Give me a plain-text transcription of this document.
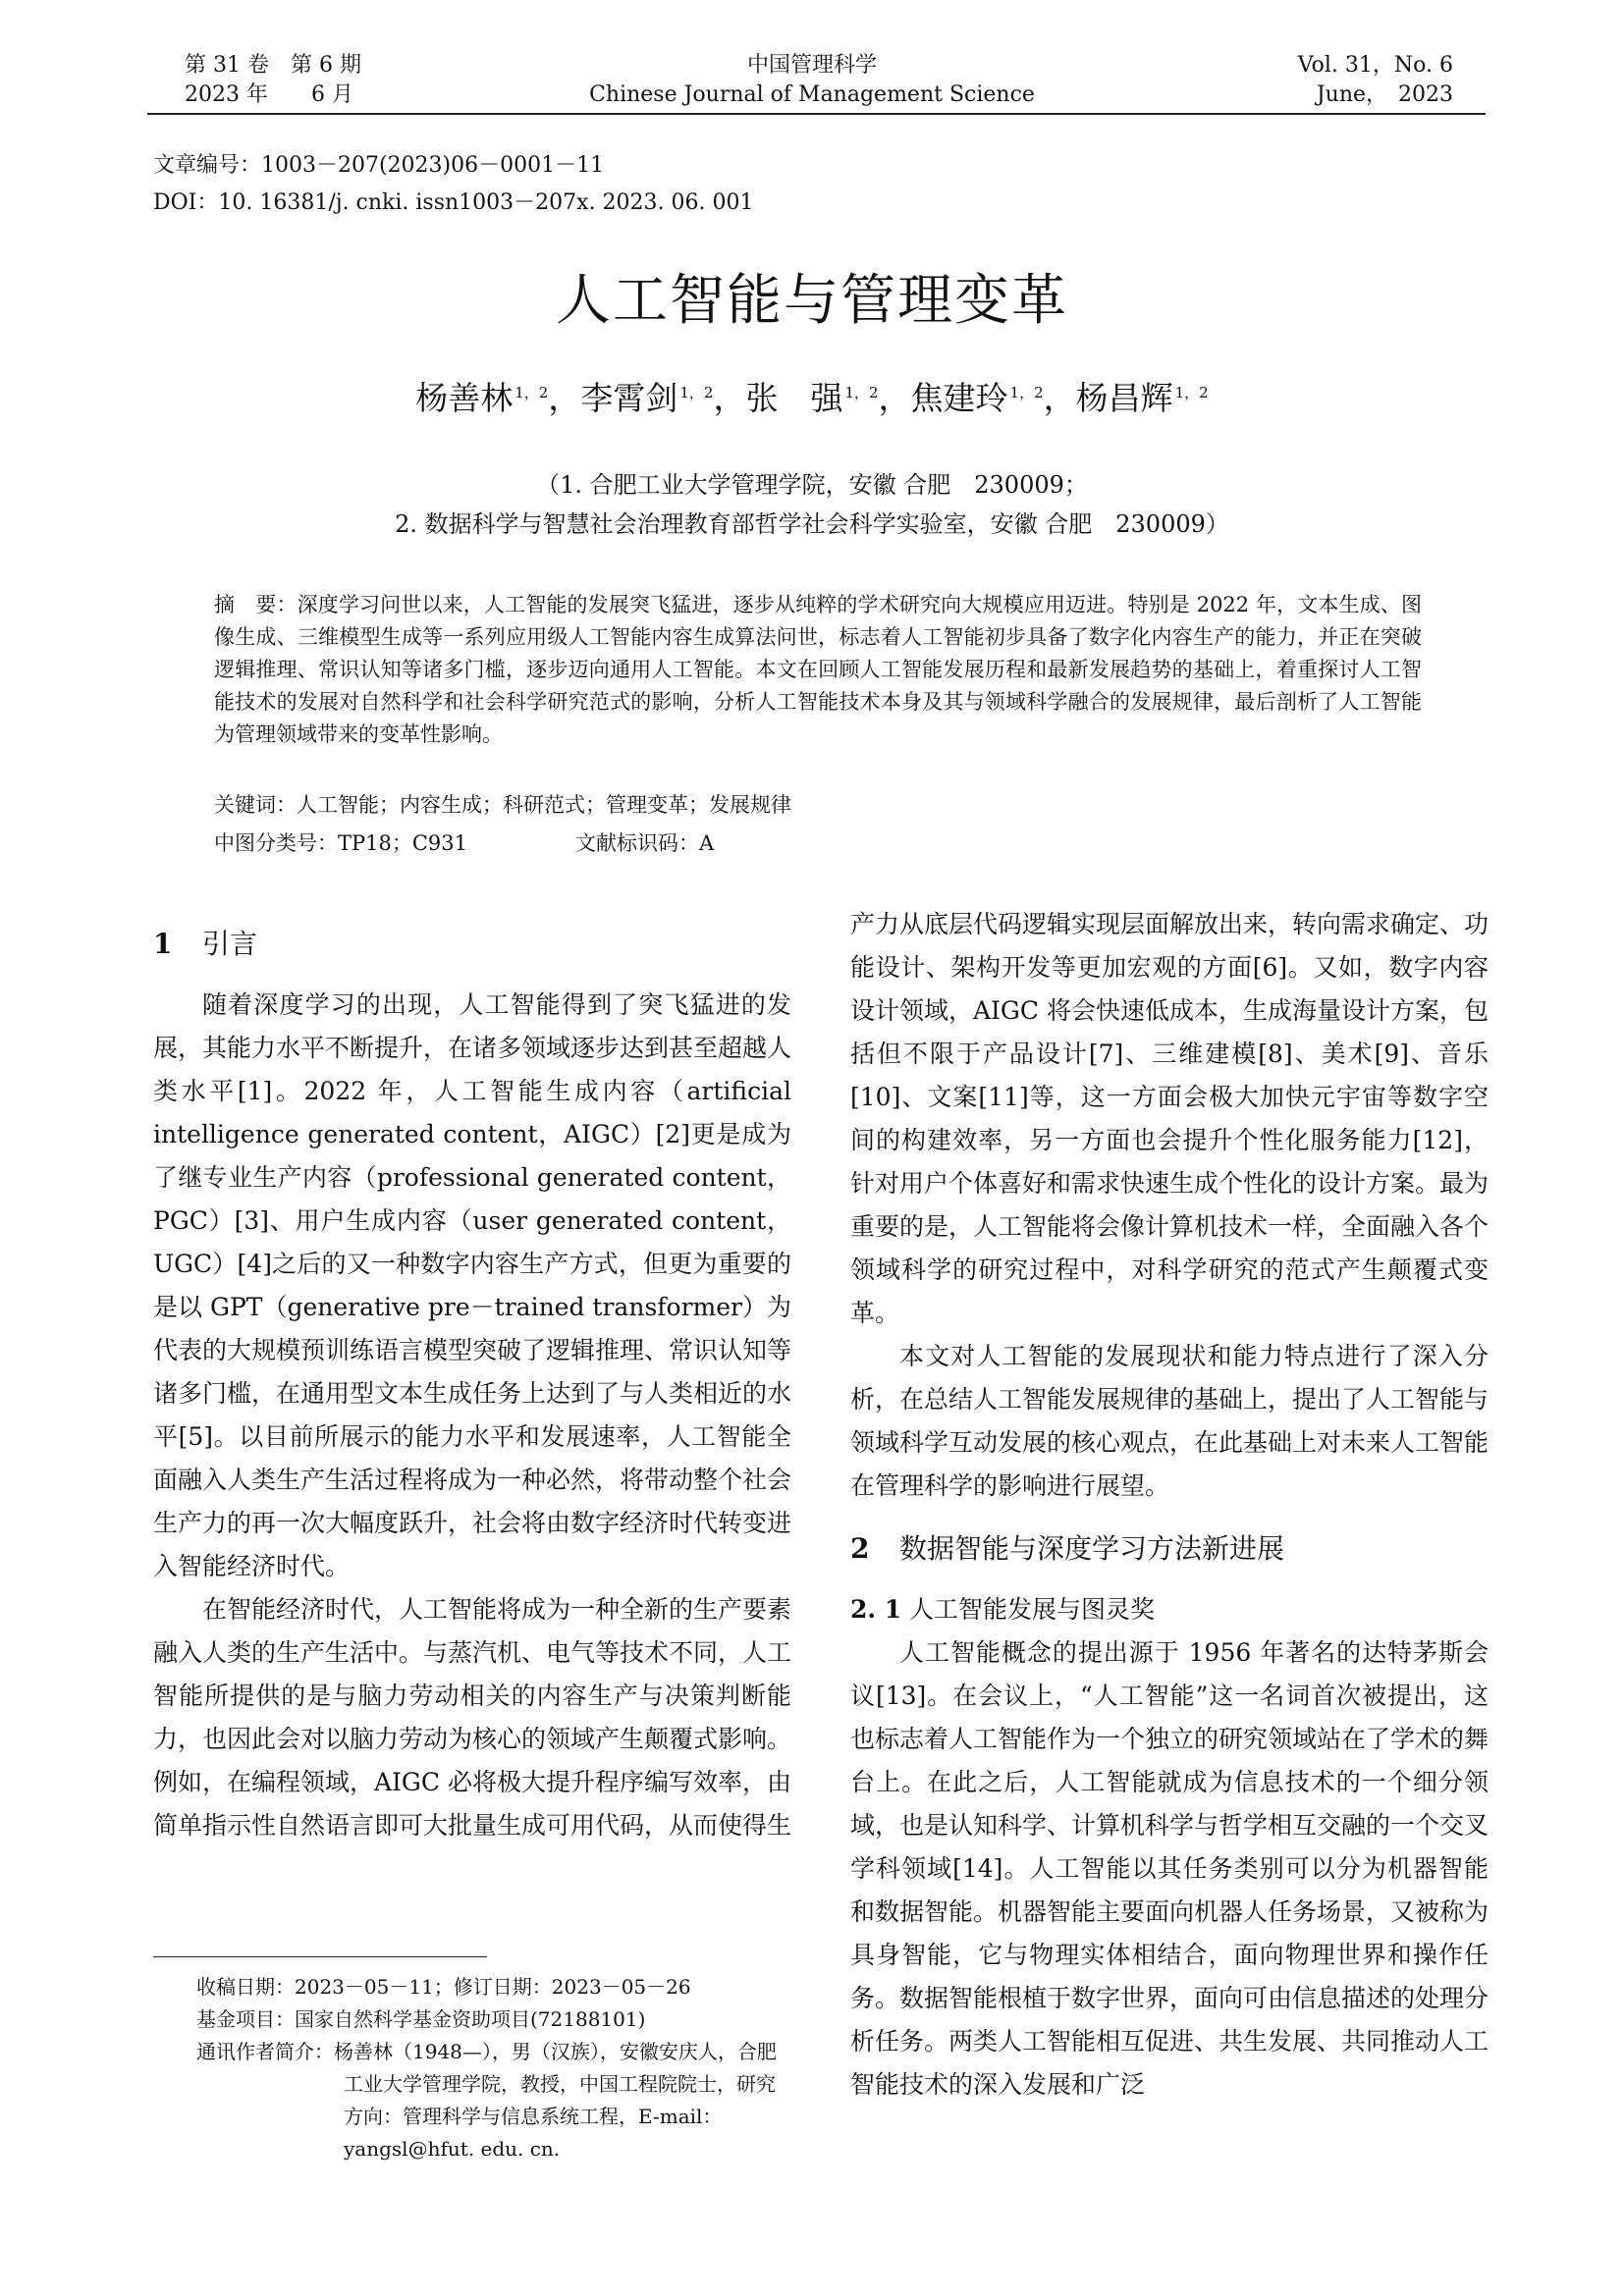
第 31 卷　第 6 期
2023 年　　6 月
中国管理科学
Chinese Journal of Management Science
Vol. 31，No. 6
June，　2023
文章编号：1003－207(2023)06－0001－11
DOI：10. 16381/j. cnki. issn1003－207x. 2023. 06. 001
人工智能与管理变革
杨善林 $^{1,2}$，李霄剑 $^{1,2}$，张　强 $^{1,2}$，焦建玲 $^{1,2}$，杨昌辉 $^{1,2}$
（1. 合肥工业大学管理学院，安徽 合肥　230009；
2. 数据科学与智慧社会治理教育部哲学社会科学实验室，安徽 合肥　230009）
摘　要：深度学习问世以来，人工智能的发展突飞猛进，逐步从纯粹的学术研究向大规模应用迈进。特别是 2022 年，文本生成、图像生成、三维模型生成等一系列应用级人工智能内容生成算法问世，标志着人工智能初步具备了数字化内容生产的能力，并正在突破逻辑推理、常识认知等诸多门槛，逐步迈向通用人工智能。本文在回顾人工智能发展历程和最新发展趋势的基础上，着重探讨人工智能技术的发展对自然科学和社会科学研究范式的影响，分析人工智能技术本身及其与领域科学融合的发展规律，最后剖析了人工智能为管理领域带来的变革性影响。
关键词：人工智能；内容生成；科研范式；管理变革；发展规律
中图分类号：TP18；C931	文献标识码：A
1 引言

随着深度学习的出现，人工智能得到了突飞猛进的发展，其能力水平不断提升，在诸多领域逐步达到甚至超越人类水平[1]。2022 年，人工智能生成内容（artificial intelligence generated content，AIGC）[2]更是成为了继专业生产内容（professional generated content，PGC）[3]、用户生成内容（user generated content，UGC）[4]之后的又一种数字内容生产方式，但更为重要的是以 GPT（generative pre－trained transformer）为代表的大规模预训练语言模型突破了逻辑推理、常识认知等诸多门槛，在通用型文本生成任务上达到了与人类相近的水平[5]。以目前所展示的能力水平和发展速率，人工智能全面融入人类生产生活过程将成为一种必然，将带动整个社会生产力的再一次大幅度跃升，社会将由数字经济时代转变进入智能经济时代。

在智能经济时代，人工智能将成为一种全新的生产要素融入人类的生产生活中。与蒸汽机、电气等技术不同，人工智能所提供的是与脑力劳动相关的内容生产与决策判断能力，也因此会对以脑力劳动为核心的领域产生颠覆式影响。例如，在编程领域，AIGC 必将极大提升程序编写效率，由简单指示性自然语言即可大批量生成可用代码，从而使得生

收稿日期：2023－05－11；修订日期：2023－05－26

基金项目：国家自然科学基金资助项目(72188101)

通讯作者简介：杨善林（1948—），男（汉族），安徽安庆人，合肥工业大学管理学院，教授，中国工程院院士，研究方向：管理科学与信息系统工程，E-mail：yangsl@hfut. edu. cn.

产力从底层代码逻辑实现层面解放出来，转向需求确定、功能设计、架构开发等更加宏观的方面[6]。又如，数字内容设计领域，AIGC 将会快速低成本，生成海量设计方案，包括但不限于产品设计[7]、三维建模[8]、美术[9]、音乐[10]、文案[11]等，这一方面会极大加快元宇宙等数字空间的构建效率，另一方面也会提升个性化服务能力[12]，针对用户个体喜好和需求快速生成个性化的设计方案。最为重要的是，人工智能将会像计算机技术一样，全面融入各个领域科学的研究过程中，对科学研究的范式产生颠覆式变革。

本文对人工智能的发展现状和能力特点进行了深入分析，在总结人工智能发展规律的基础上，提出了人工智能与领域科学互动发展的核心观点，在此基础上对未来人工智能在管理科学的影响进行展望。

2 数据智能与深度学习方法新进展
2. 1 人工智能发展与图灵奖

人工智能概念的提出源于 1956 年著名的达特茅斯会议[13]。在会议上，“人工智能”这一名词首次被提出，这也标志着人工智能作为一个独立的研究领域站在了学术的舞台上。在此之后，人工智能就成为信息技术的一个细分领域，也是认知科学、计算机科学与哲学相互交融的一个交叉学科领域[14]。人工智能以其任务类别可以分为机器智能和数据智能。机器智能主要面向机器人任务场景，又被称为具身智能，它与物理实体相结合，面向物理世界和操作任务。数据智能根植于数字世界，面向可由信息描述的处理分析任务。两类人工智能相互促进、共生发展、共同推动人工智能技术的深入发展和广泛
